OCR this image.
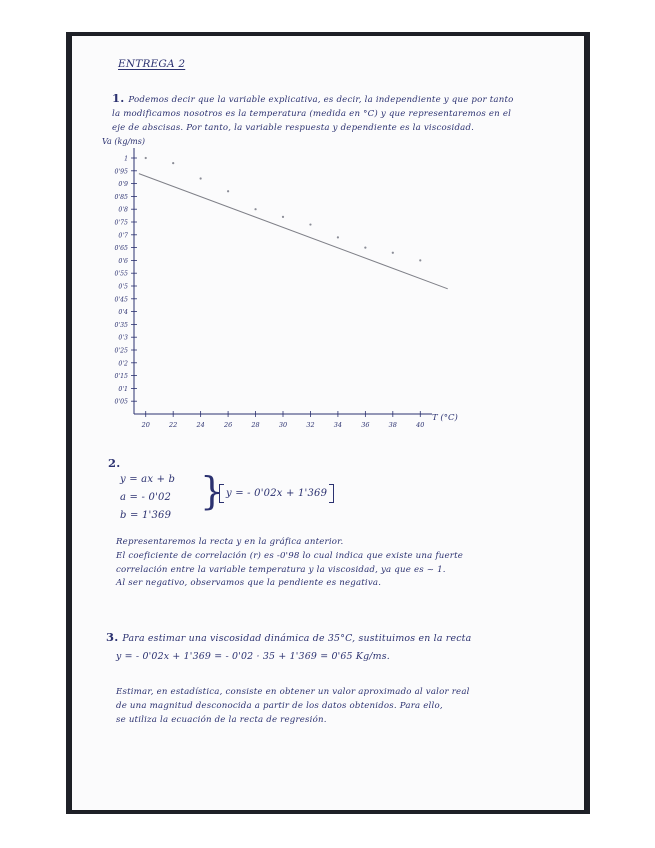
ENTREGA 2
1. Podemos decir que la variable explicativa, es decir, la independiente y que por tanto
la modificamos nosotros es la temperatura (medida en °C) y que representaremos en el
eje de abscisas. Por tanto, la variable respuesta y dependiente es la viscosidad.
1
0'95
0'9
0'85
0'8
0'75
0'7
0'65
0'6
0'55
0'5
0'45
0'4
0'35
0'3
0'25
0'2
0'15
0'1
0'05
20	22	24	26	28	30	32	34	36	38	40
Va (kg/ms)
T (°C)
2.
y = ax + b
a = - 0'02
b = 1'369
} y = - 0'02x + 1'369
Representaremos la recta y en la gráfica anterior.
El coeficiente de correlación (r) es -0'98 lo cual indica que existe una fuerte
correlación entre la variable temperatura y la viscosidad, ya que es ~ 1.
Al ser negativo, observamos que la pendiente es negativa.
3. Para estimar una viscosidad dinámica de 35°C, sustituimos en la recta
y = - 0'02x + 1'369 = - 0'02 · 35 + 1'369 = 0'65 Kg/ms.
Estimar, en estadística, consiste en obtener un valor aproximado al valor real
de una magnitud desconocida a partir de los datos obtenidos. Para ello,
se utiliza la ecuación de la recta de regresión.
